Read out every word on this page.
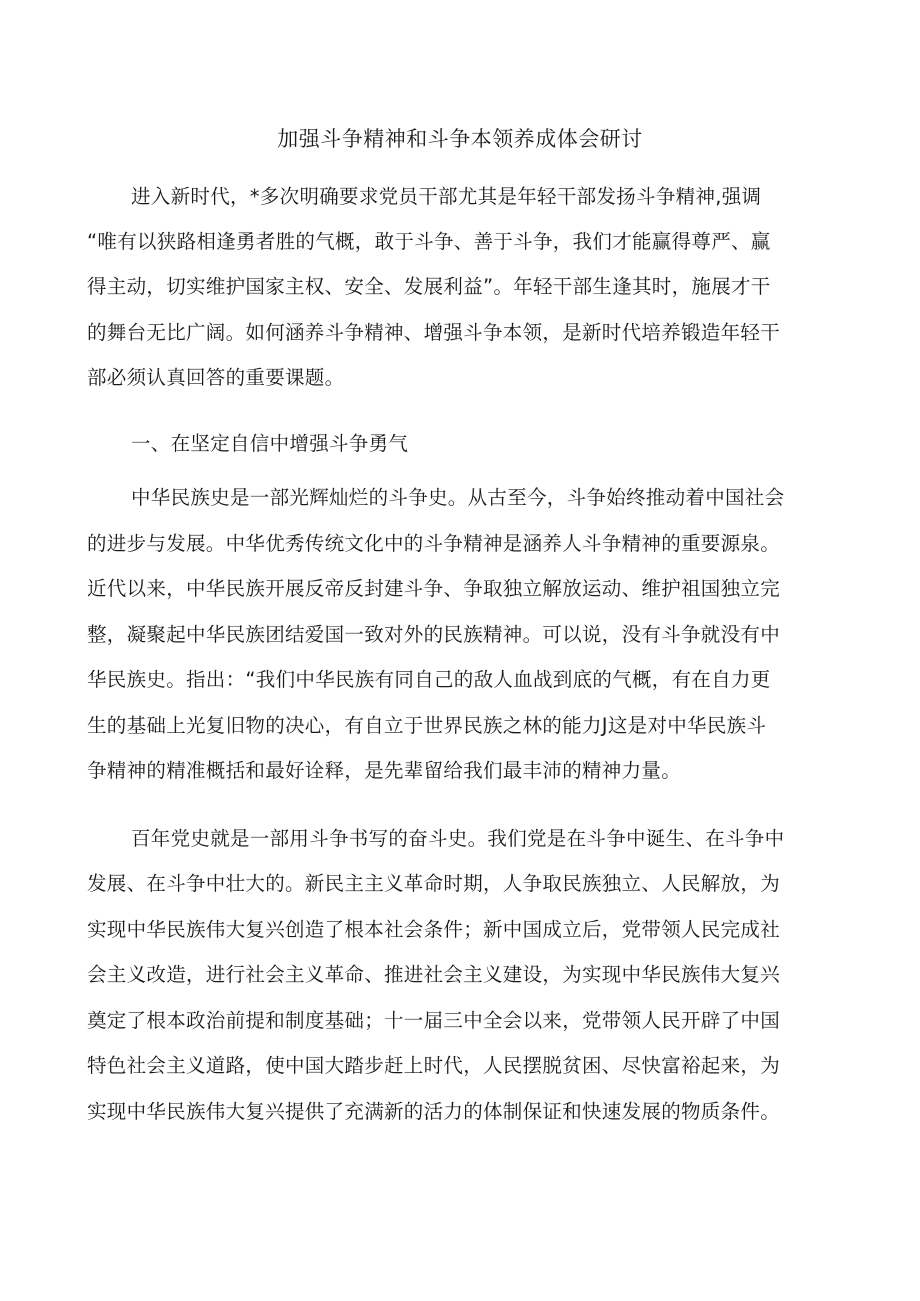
加强斗争精神和斗争本领养成体会研讨
进入新时代，*多次明确要求党员干部尤其是年轻干部发扬斗争精神,强调
“唯有以狭路相逢勇者胜的气概，敢于斗争、善于斗争，我们才能赢得尊严、赢
得主动，切实维护国家主权、安全、发展利益”。年轻干部生逢其时，施展才干
的舞台无比广阔。如何涵养斗争精神、增强斗争本领，是新时代培养锻造年轻干
部必须认真回答的重要课题。
一、在坚定自信中增强斗争勇气
中华民族史是一部光辉灿烂的斗争史。从古至今，斗争始终推动着中国社会
的进步与发展。中华优秀传统文化中的斗争精神是涵养人斗争精神的重要源泉。
近代以来，中华民族开展反帝反封建斗争、争取独立解放运动、维护祖国独立完
整，凝聚起中华民族团结爱国一致对外的民族精神。可以说，没有斗争就没有中
华民族史。指出：“我们中华民族有同自己的敌人血战到底的气概，有在自力更
生的基础上光复旧物的决心，有自立于世界民族之林的能力J这是对中华民族斗
争精神的精准概括和最好诠释，是先辈留给我们最丰沛的精神力量。
百年党史就是一部用斗争书写的奋斗史。我们党是在斗争中诞生、在斗争中
发展、在斗争中壮大的。新民主主义革命时期，人争取民族独立、人民解放，为
实现中华民族伟大复兴创造了根本社会条件；新中国成立后，党带领人民完成社
会主义改造，进行社会主义革命、推进社会主义建设，为实现中华民族伟大复兴
奠定了根本政治前提和制度基础；十一届三中全会以来，党带领人民开辟了中国
特色社会主义道路，使中国大踏步赶上时代，人民摆脱贫困、尽快富裕起来，为
实现中华民族伟大复兴提供了充满新的活力的体制保证和快速发展的物质条件。
